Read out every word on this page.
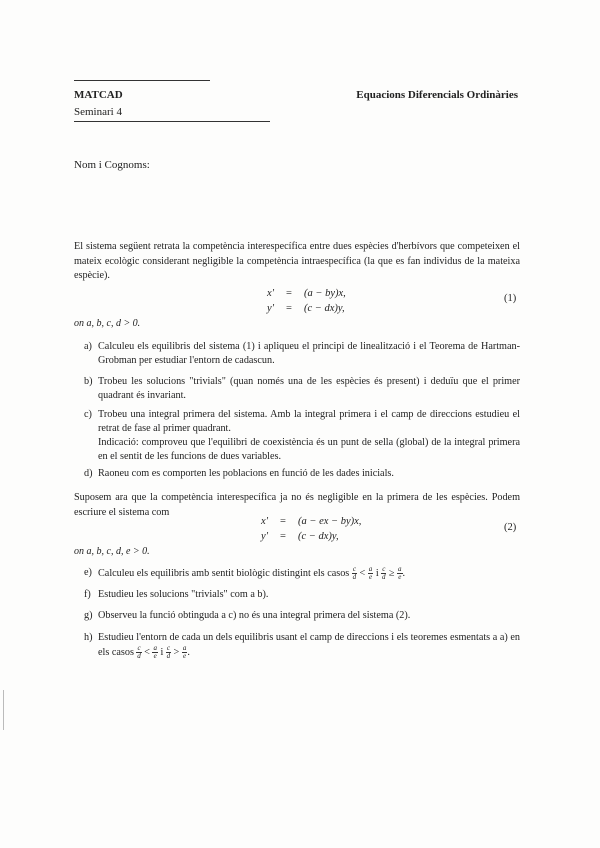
MATCAD	Equacions Diferencials Ordinàries
Seminari 4
Nom i Cognoms:
El sistema següent retrata la competència interespecífica entre dues espècies d'herbívors que competeixen el mateix ecològic considerant negligible la competència intraespecífica (la que es fan individus de la mateixa espècie).
x′	=	(a − by)x,
y′	=	(c − dx)y,
(1)
on a, b, c, d > 0.
a) Calculeu els equilibris del sistema (1) i apliqueu el principi de linealització i el Teorema de Hartman-Grobman per estudiar l'entorn de cadascun.
b) Trobeu les solucions "trivials" (quan només una de les espècies és present) i deduïu que el primer quadrant és invariant.
c) Trobeu una integral primera del sistema. Amb la integral primera i el camp de direccions estudieu el retrat de fase al primer quadrant.
Indicació: comproveu que l'equilibri de coexistència és un punt de sella (global) de la integral primera en el sentit de les funcions de dues variables.
d) Raoneu com es comporten les poblacions en funció de les dades inicials.
Suposem ara que la competència interespecífica ja no és negligible en la primera de les espècies. Podem escriure el sistema com
x′	=	(a − ex − by)x,
y′	=	(c − dx)y,
(2)
on a, b, c, d, e > 0.
e) Calculeu els equilibris amb sentit biològic distingint els casos $\frac{c}{d} < \frac{a}{e}$ i $\frac{c}{d} \ge \frac{a}{e}$ .
f) Estudieu les solucions "trivials" com a b).
g) Observeu la funció obtinguda a c) no és una integral primera del sistema (2).
h) Estudieu l'entorn de cada un dels equilibris usant el camp de direccions i els teoremes esmentats a a) en els casos $\frac{c}{d} < \frac{a}{e}$ i $\frac{c}{d} > \frac{a}{e}$ .
